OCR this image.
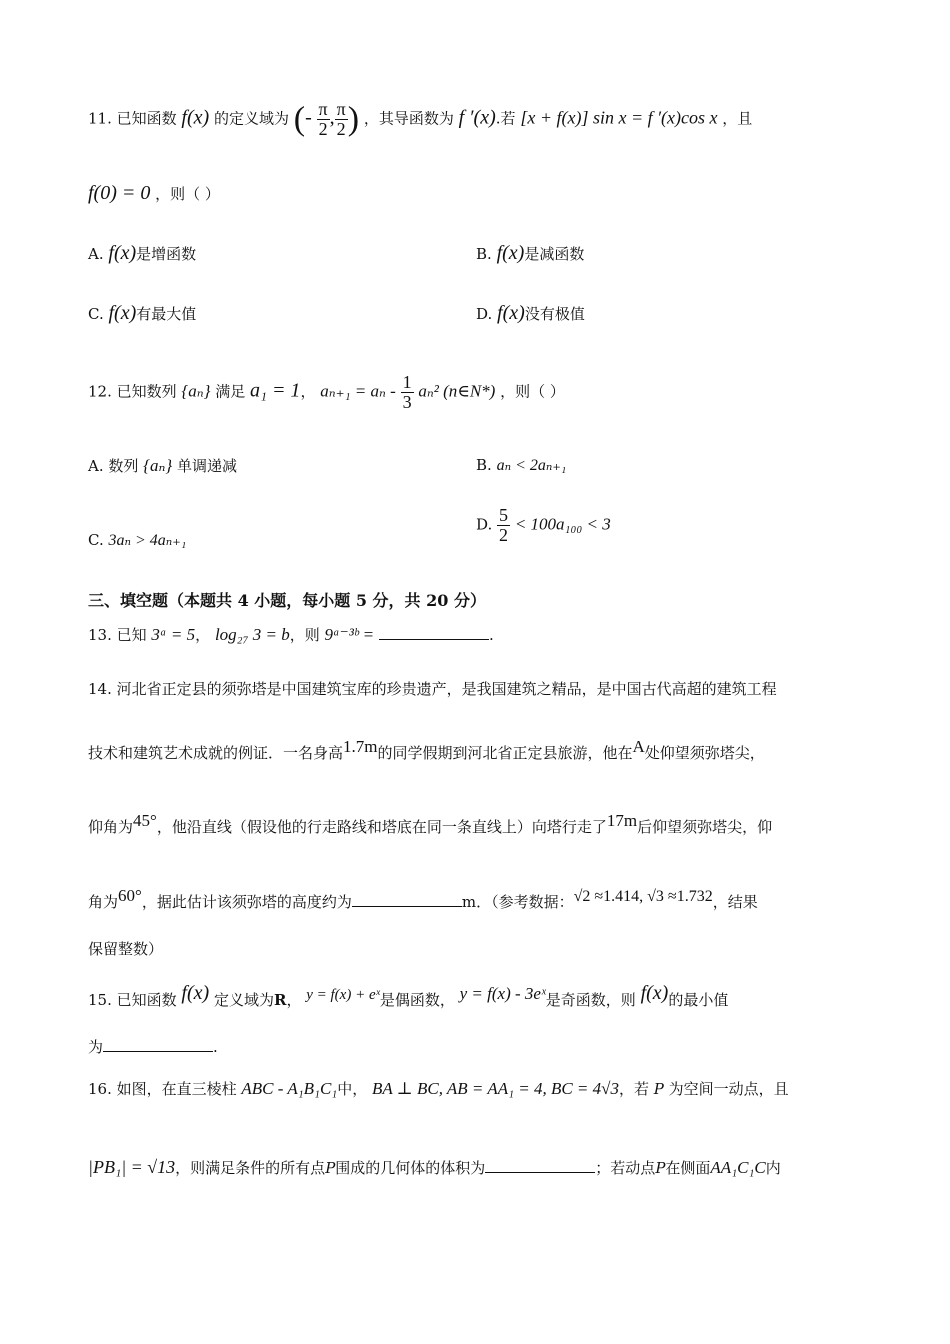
11. 已知函数 f(x) 的定义域为 (- $\frac{\pi}{2}$ , $\frac{\pi}{2}$ ) ，其导函数为 f ′(x).若 [x + f(x)] sin x = f ′(x)cos x ，且
f(0) = 0 ，则（ ）
A. f(x)是增函数	B. f(x)是减函数
C. f(x)有最大值	D. f(x)没有极值
12. 已知数列 {aₙ} 满足 a₁ = 1， $a_{n+1} = a_n - \frac{1}{3} a_n^2$ (n∈N*) ，则（ ）
A. 数列 {aₙ} 单调递减	B. aₙ < 2aₙ₊₁
C. 3aₙ > 4aₙ₊₁
D. $\frac{5}{2} < 100a_{100} < 3$
三、填空题（本题共 4 小题，每小题 5 分，共 20 分）
13. 已知 3ᵃ = 5， log₂₇ 3 = b，则 9ᵃ⁻³ᵇ =	.
14. 河北省正定县的须弥塔是中国建筑宝库的珍贵遗产，是我国建筑之精品，是中国古代高超的建筑工程
技术和建筑艺术成就的例证．一名身高1.7m的同学假期到河北省正定县旅游，他在A处仰望须弥塔尖，
仰角为45°，他沿直线（假设他的行走路线和塔底在同一条直线上）向塔行走了17m后仰望须弥塔尖，仰
角为60°，据此估计该须弥塔的高度约为	m．（参考数据：√2 ≈1.414, √3 ≈1.732，结果
保留整数）
15. 已知函数 f(x) 定义域为R， y = f(x) + eˣ是偶函数， y = f(x) - 3eˣ是奇函数，则 f(x)的最小值
为	.
16. 如图，在直三棱柱 ABC - A₁B₁C₁中， BA ⊥ BC, AB = AA₁ = 4, BC = 4√3，若 P 为空间一动点，且
|PB₁| = √13，则满足条件的所有点P围成的几何体的体积为	；若动点P在侧面AA₁C₁C内
